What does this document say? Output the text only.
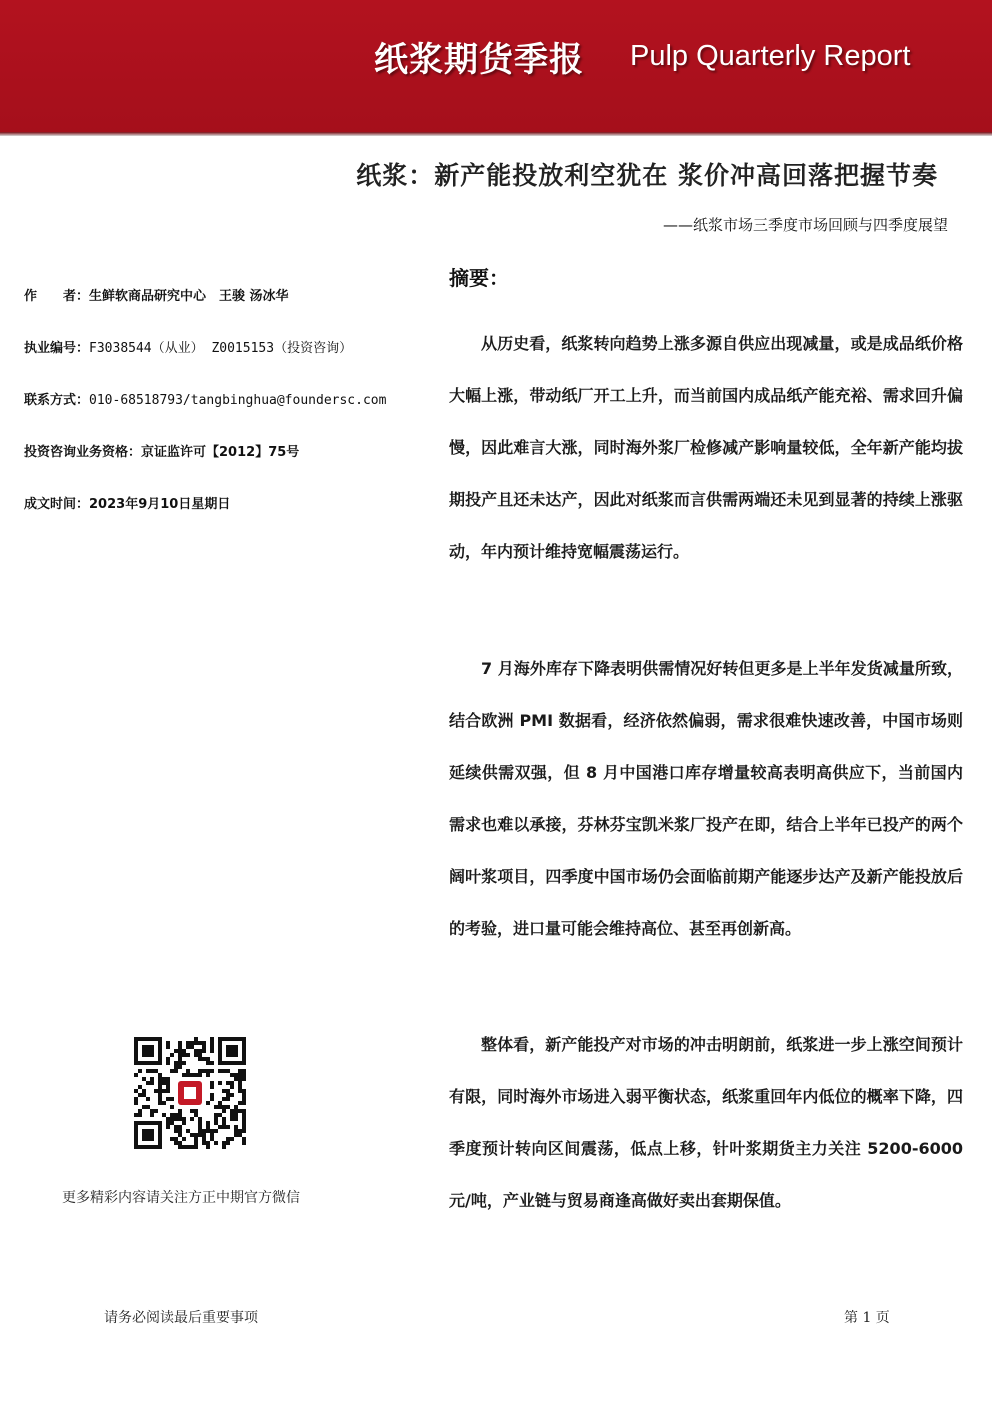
纸浆期货季报 Pulp Quarterly Report
纸浆：新产能投放利空犹在 浆价冲高回落把握节奏
——纸浆市场三季度市场回顾与四季度展望
作　　者：生鲜软商品研究中心　王骏 汤冰华
执业编号：F3038544（从业） Z0015153（投资咨询）
联系方式：010-68518793/tangbinghua@foundersc.com
投资咨询业务资格：京证监许可【2012】75号
成文时间：2023年9月10日星期日
摘要：

从历史看，纸浆转向趋势上涨多源自供应出现减量，或是成品纸价格大幅上涨，带动纸厂开工上升，而当前国内成品纸产能充裕、需求回升偏慢，因此难言大涨，同时海外浆厂检修减产影响量较低，全年新产能均拔期投产且还未达产，因此对纸浆而言供需两端还未见到显著的持续上涨驱动，年内预计维持宽幅震荡运行。

7 月海外库存下降表明供需情况好转但更多是上半年发货减量所致，结合欧洲 PMI 数据看，经济依然偏弱，需求很难快速改善，中国市场则延续供需双强，但 8 月中国港口库存增量较高表明高供应下，当前国内需求也难以承接，芬林芬宝凯米浆厂投产在即，结合上半年已投产的两个阔叶浆项目，四季度中国市场仍会面临前期产能逐步达产及新产能投放后的考验，进口量可能会维持高位、甚至再创新高。

整体看，新产能投产对市场的冲击明朗前，纸浆进一步上涨空间预计有限，同时海外市场进入弱平衡状态，纸浆重回年内低位的概率下降，四季度预计转向区间震荡，低点上移，针叶浆期货主力关注 5200-6000 元/吨，产业链与贸易商逢高做好卖出套期保值。

更多精彩内容请关注方正中期官方微信
请务必阅读最后重要事项	第 1 页
